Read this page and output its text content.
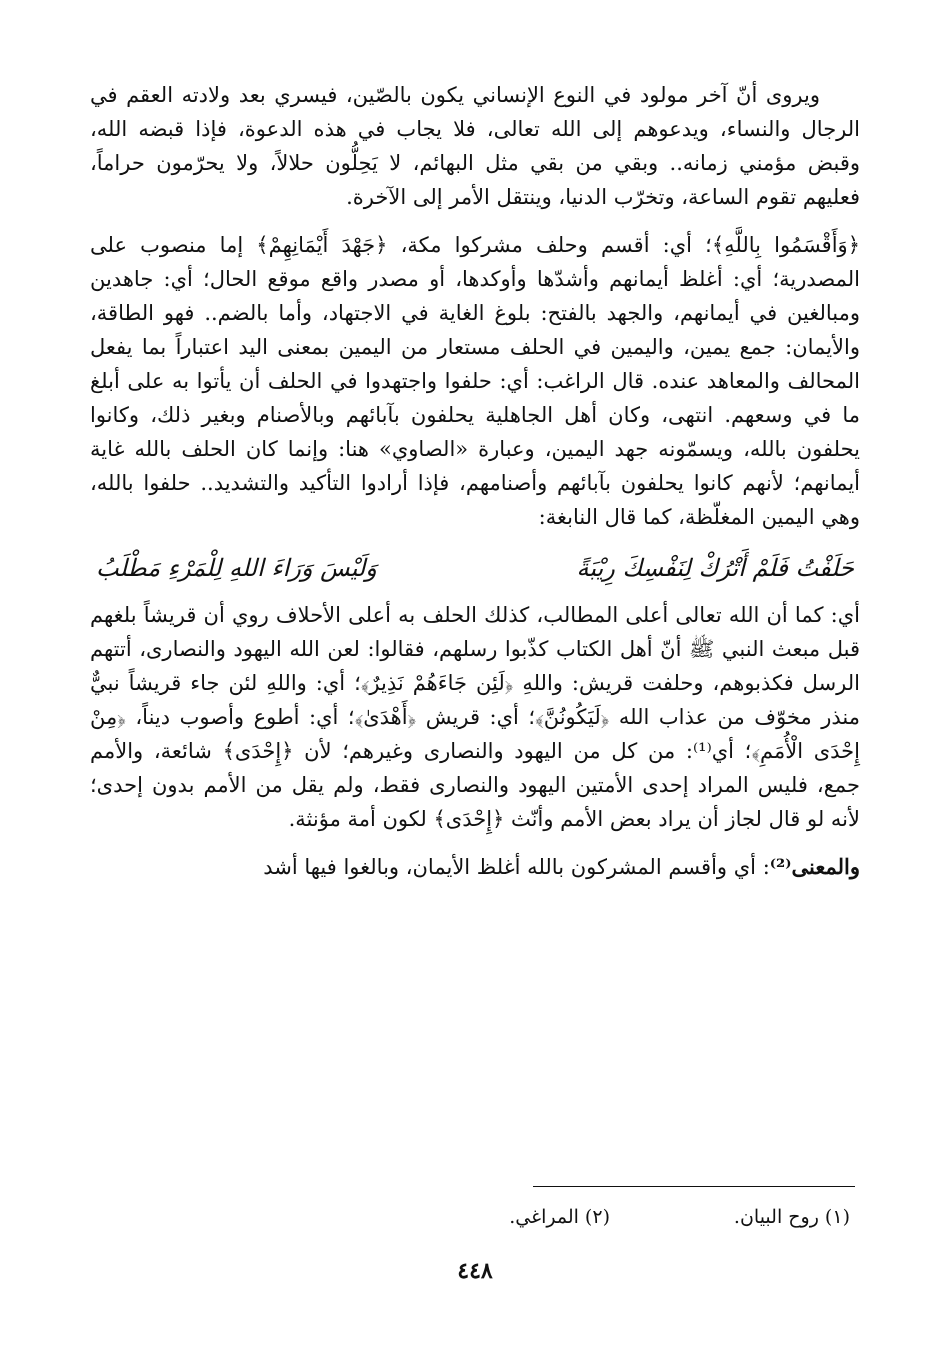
ويروى أنّ آخر مولود في النوع الإنساني يكون بالصّين، فيسري بعد ولادته العقم في الرجال والنساء، ويدعوهم إلى الله تعالى، فلا يجاب في هذه الدعوة، فإذا قبضه الله، وقبض مؤمني زمانه.. وبقي من بقي مثل البهائم، لا يَحِلُّون حلالاً، ولا يحرّمون حراماً، فعليهم تقوم الساعة، وتخرّب الدنيا، وينتقل الأمر إلى الآخرة.

﴿وَأَقْسَمُوا بِاللَّهِ﴾؛ أي: أقسم وحلف مشركوا مكة، ﴿جَهْدَ أَيْمَانِهِمْ﴾ إما منصوب على المصدرية؛ أي: أغلظ أيمانهم وأشدّها وأوكدها، أو مصدر واقع موقع الحال؛ أي: جاهدين ومبالغين في أيمانهم، والجهد بالفتح: بلوغ الغاية في الاجتهاد، وأما بالضم.. فهو الطاقة، والأيمان: جمع يمين، واليمين في الحلف مستعار من اليمين بمعنى اليد اعتباراً بما يفعل المحالف والمعاهد عنده. قال الراغب: أي: حلفوا واجتهدوا في الحلف أن يأتوا به على أبلغ ما في وسعهم. انتهى، وكان أهل الجاهلية يحلفون بآبائهم وبالأصنام وبغير ذلك، وكانوا يحلفون بالله، ويسمّونه جهد اليمين، وعبارة «الصاوي» هنا: وإنما كان الحلف بالله غاية أيمانهم؛ لأنهم كانوا يحلفون بآبائهم وأصنامهم، فإذا أرادوا التأكيد والتشديد.. حلفوا بالله، وهي اليمين المغلّظة، كما قال النابغة:

حَلَفْتُ فَلَمْ أَتْرُكْ لِنَفْسِكَ رِيْبَةً
وَلَيْسَ وَرَاءَ اللهِ لِلْمَرْءِ مَطْلَبُ

أي: كما أن الله تعالى أعلى المطالب، كذلك الحلف به أعلى الأحلاف روي أن قريشاً بلغهم قبل مبعث النبي ﷺ أنّ أهل الكتاب كذّبوا رسلهم، فقالوا: لعن الله اليهود والنصارى، أتتهم الرسل فكذبوهم، وحلفت قريش: واللهِ ﴿لَئِن جَاءَهُمْ نَذِيرٌ﴾؛ أي: واللهِ لئن جاء قريشاً نبيٌّ منذر مخوّف من عذاب الله ﴿لَيَكُونُنَّ﴾؛ أي: قريش ﴿أَهْدَىٰ﴾؛ أي: أطوع وأصوب ديناً، ﴿مِنْ إِحْدَى الْأُمَمِ﴾؛ أي⁽¹⁾: من كل من اليهود والنصارى وغيرهم؛ لأن ﴿إِحْدَى﴾ شائعة، والأمم جمع، فليس المراد إحدى الأمتين اليهود والنصارى فقط، ولم يقل من الأمم بدون إحدى؛ لأنه لو قال لجاز أن يراد بعض الأمم وأنّث ﴿إِحْدَى﴾ لكون أمة مؤنثة.

والمعنى⁽²⁾: أي وأقسم المشركون بالله أغلظ الأيمان، وبالغوا فيها أشد

(١) روح البيان.
(٢) المراغي.
٤٤٨
